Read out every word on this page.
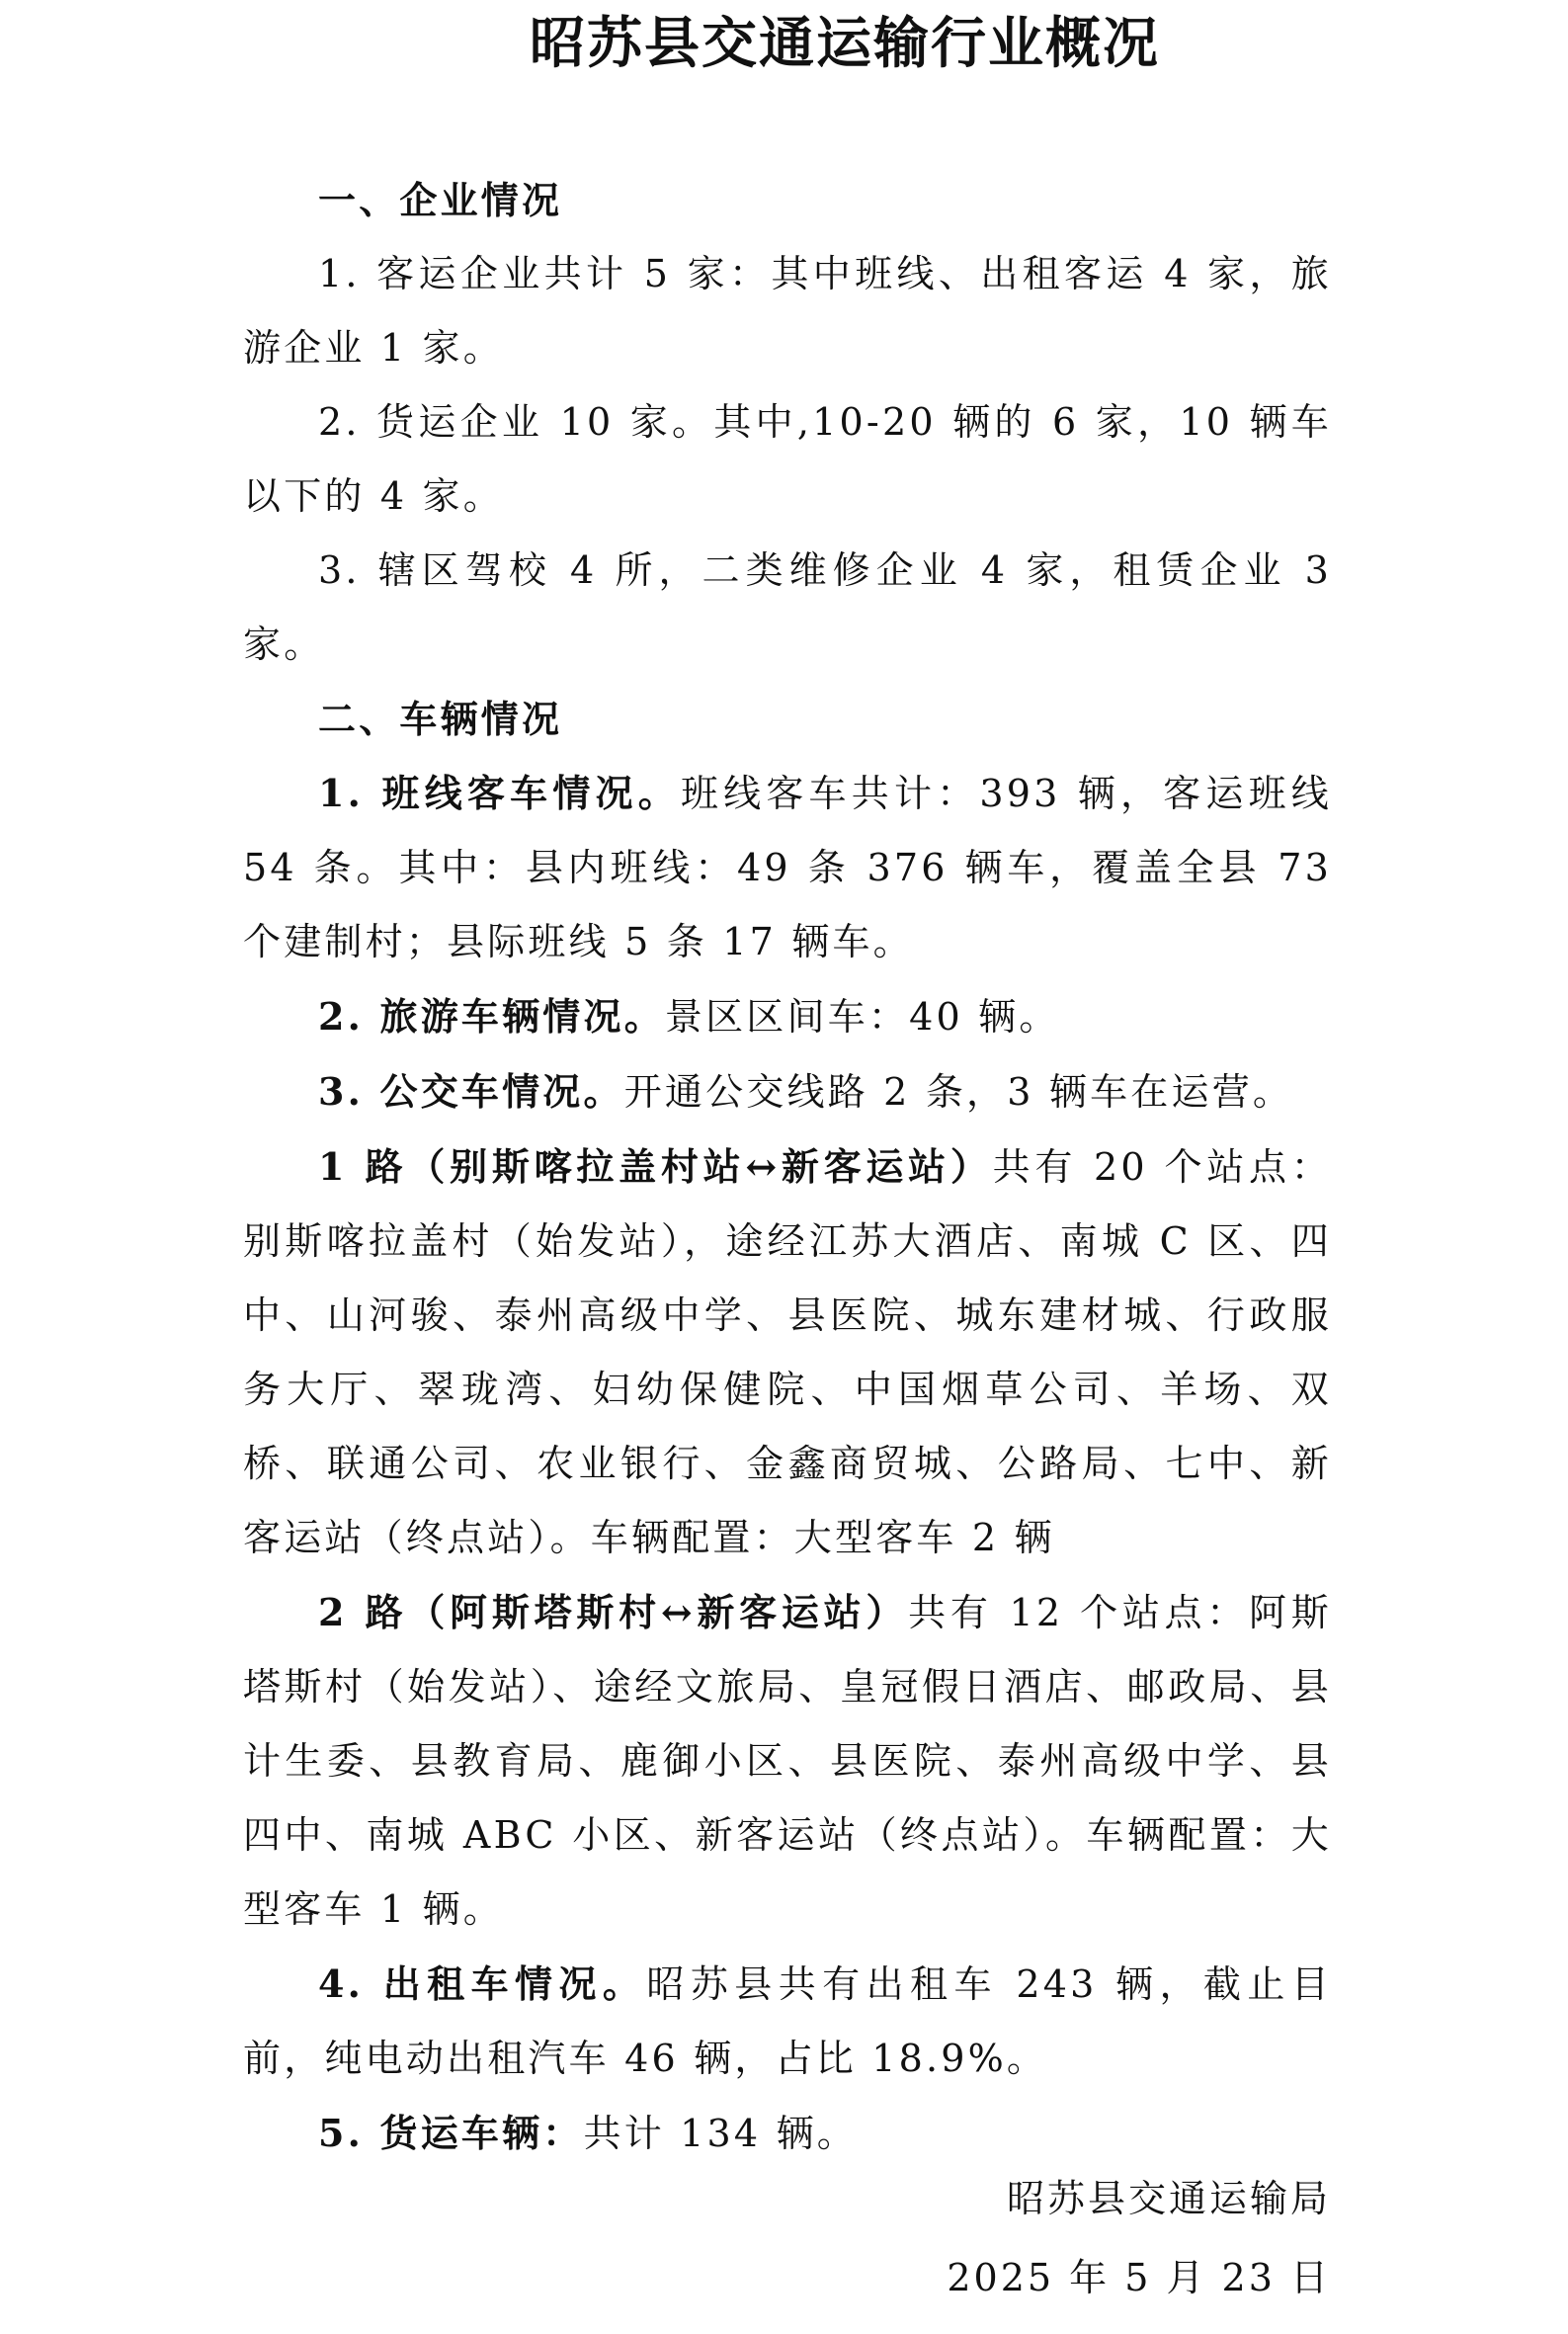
昭苏县交通运输行业概况

一、企业情况

1. 客运企业共计 5 家：其中班线、出租客运 4 家，旅游企业 1 家。

2. 货运企业 10 家。其中,10-20 辆的 6 家，10 辆车以下的 4 家。

3. 辖区驾校 4 所，二类维修企业 4 家，租赁企业 3 家。

二、车辆情况

1. 班线客车情况。班线客车共计：393 辆，客运班线 54 条。其中：县内班线：49 条 376 辆车，覆盖全县 73 个建制村；县际班线 5 条 17 辆车。

2. 旅游车辆情况。景区区间车：40 辆。

3. 公交车情况。开通公交线路 2 条，3 辆车在运营。

1 路（别斯喀拉盖村站↔新客运站）共有 20 个站点：别斯喀拉盖村（始发站），途经江苏大酒店、南城 C 区、四中、山河骏、泰州高级中学、县医院、城东建材城、行政服务大厅、翠珑湾、妇幼保健院、中国烟草公司、羊场、双桥、联通公司、农业银行、金鑫商贸城、公路局、七中、新客运站（终点站）。车辆配置：大型客车 2 辆

2 路（阿斯塔斯村↔新客运站）共有 12 个站点：阿斯塔斯村（始发站）、途经文旅局、皇冠假日酒店、邮政局、县计生委、县教育局、鹿御小区、县医院、泰州高级中学、县四中、南城 ABC 小区、新客运站（终点站）。车辆配置：大型客车 1 辆。

4. 出租车情况。昭苏县共有出租车 243 辆，截止目前，纯电动出租汽车 46 辆，占比 18.9%。

5. 货运车辆：共计 134 辆。

昭苏县交通运输局
2025 年 5 月 23 日
